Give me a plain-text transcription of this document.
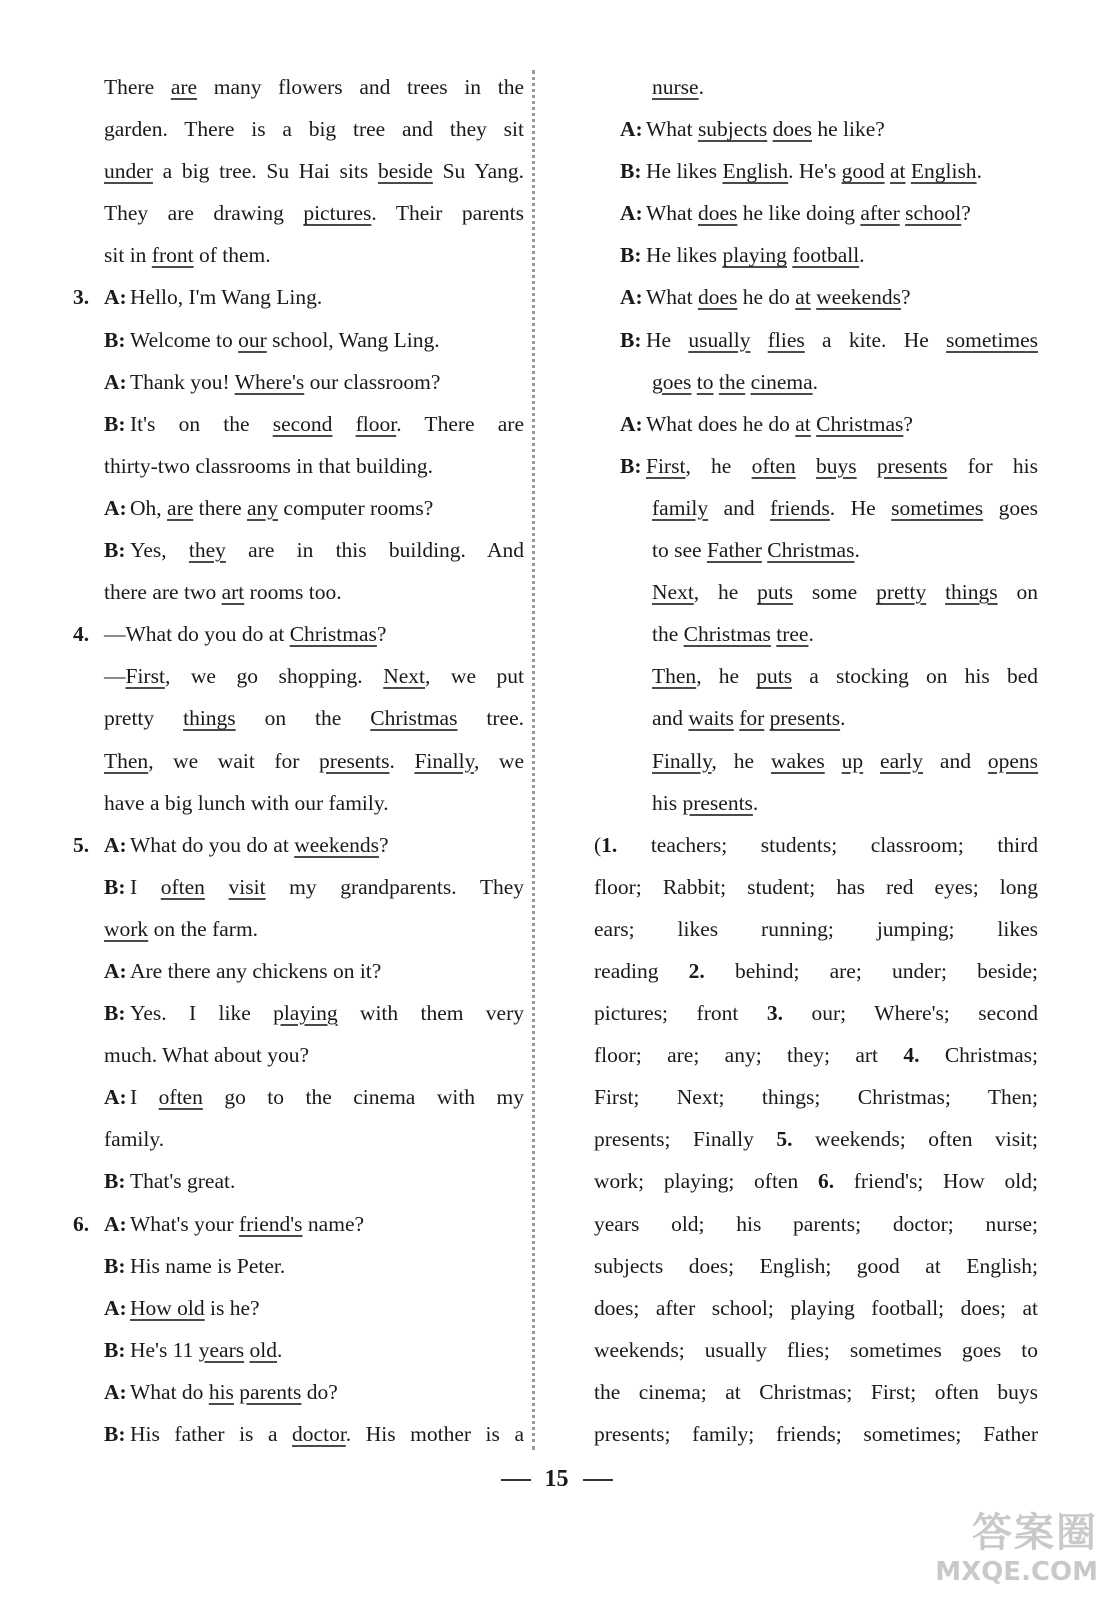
There are many flowers and trees in the
garden. There is a big tree and they sit
under a big tree. Su Hai sits beside Su Yang.
They are drawing pictures. Their parents
sit in front of them.
3. A: Hello, I'm Wang Ling.
B: Welcome to our school, Wang Ling.
A: Thank you! Where's our classroom?
B: It's on the second floor. There are
thirty-two classrooms in that building.
A: Oh, are there any computer rooms?
B: Yes, they are in this building. And
there are two art rooms too.
4. —What do you do at Christmas?
—First, we go shopping. Next, we put
pretty things on the Christmas tree.
Then, we wait for presents. Finally, we
have a big lunch with our family.
5. A: What do you do at weekends?
B: I often visit my grandparents. They
work on the farm.
A: Are there any chickens on it?
B: Yes. I like playing with them very
much. What about you?
A: I often go to the cinema with my
family.
B: That's great.
6. A: What's your friend's name?
B: His name is Peter.
A: How old is he?
B: He's 11 years old.
A: What do his parents do?
B: His father is a doctor. His mother is a
nurse.
A: What subjects does he like?
B: He likes English. He's good at English.
A: What does he like doing after school?
B: He likes playing football.
A: What does he do at weekends?
B: He usually flies a kite. He sometimes
goes to the cinema.
A: What does he do at Christmas?
B: First, he often buys presents for his
family and friends. He sometimes goes
to see Father Christmas.
Next, he puts some pretty things on
the Christmas tree.
Then, he puts a stocking on his bed
and waits for presents.
Finally, he wakes up early and opens
his presents.
(1. teachers; students; classroom; third
floor; Rabbit; student; has red eyes; long
ears; likes running; jumping; likes
reading 2. behind; are; under; beside;
pictures; front 3. our; Where's; second
floor; are; any; they; art 4. Christmas;
First; Next; things; Christmas; Then;
presents; Finally 5. weekends; often visit;
work; playing; often 6. friend's; How old;
years old; his parents; doctor; nurse;
subjects does; English; good at English;
does; after school; playing football; does; at
weekends; usually flies; sometimes goes to
the cinema; at Christmas; First; often buys
presents; family; friends; sometimes; Father
15
答案圈
MXQE.COM
